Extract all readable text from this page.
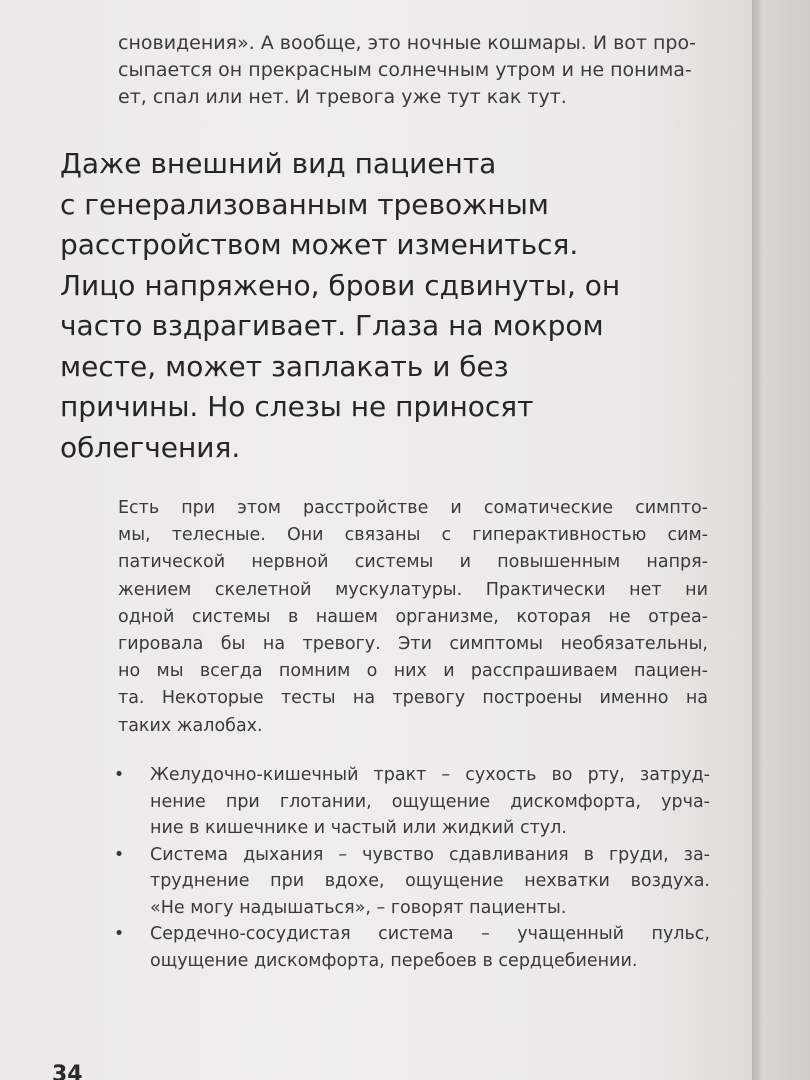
сновидения». А вообще, это ночные кошмары. И вот про-
сыпается он прекрасным солнечным утром и не понима-
ет, спал или нет. И тревога уже тут как тут.
Даже внешний вид пациента
с генерализованным тревожным
расстройством может измениться.
Лицо напряжено, брови сдвинуты, он
часто вздрагивает. Глаза на мокром
месте, может заплакать и без
причины. Но слезы не приносят
облегчения.
Есть при этом расстройстве и соматические симпто-
мы, телесные. Они связаны с гиперактивностью сим-
патической нервной системы и повышенным напря-
жением скелетной мускулатуры. Практически нет ни
одной системы в нашем организме, которая не отреа-
гировала бы на тревогу. Эти симптомы необязательны,
но мы всегда помним о них и расспрашиваем пациен-
та. Некоторые тесты на тревогу построены именно на
таких жалобах.
• Желудочно-кишечный тракт – сухость во рту, затруд-
нение при глотании, ощущение дискомфорта, урча-
ние в кишечнике и частый или жидкий стул.
• Система дыхания – чувство сдавливания в груди, за-
труднение при вдохе, ощущение нехватки воздуха.
«Не могу надышаться», – говорят пациенты.
• Сердечно-сосудистая система – учащенный пульс,
ощущение дискомфорта, перебоев в сердцебиении.
34
